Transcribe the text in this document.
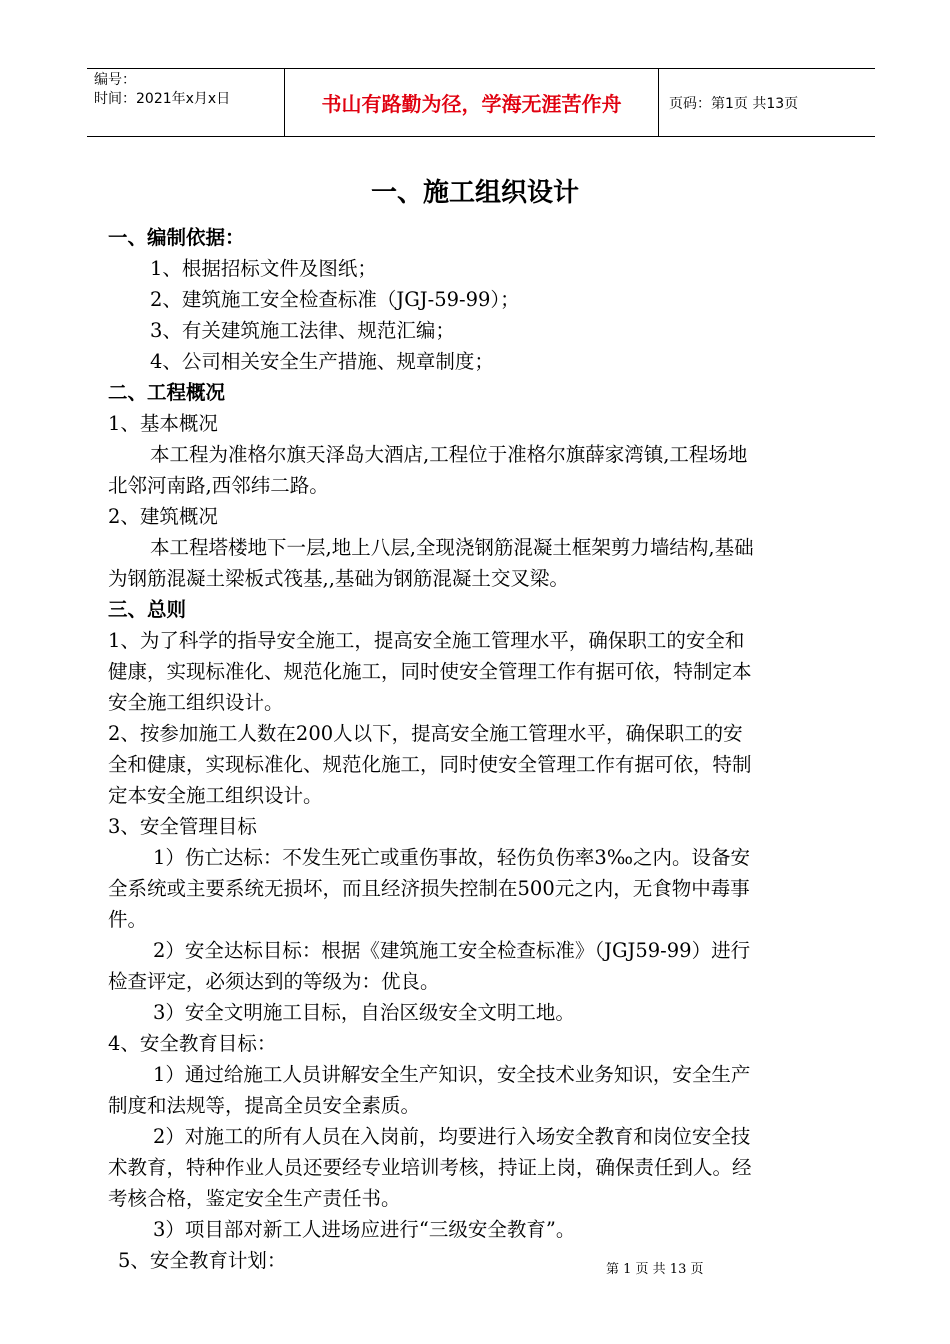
编号：
时间：2021年x月x日	书山有路勤为径，学海无涯苦作舟	页码：第1页 共13页
一、施工组织设计
一、编制依据：
1、根据招标文件及图纸；
2、建筑施工安全检查标准（JGJ-59-99）；
3、有关建筑施工法律、规范汇编；
4、公司相关安全生产措施、规章制度；
二、工程概况
1、基本概况
本工程为准格尔旗天泽岛大酒店,工程位于准格尔旗薛家湾镇,工程场地
北邻河南路,西邻纬二路。
2、建筑概况
本工程塔楼地下一层,地上八层,全现浇钢筋混凝土框架剪力墙结构,基础
为钢筋混凝土梁板式筏基,,基础为钢筋混凝土交叉梁。
三、总则
1、为了科学的指导安全施工，提高安全施工管理水平，确保职工的安全和
健康，实现标准化、规范化施工，同时使安全管理工作有据可依，特制定本
安全施工组织设计。
2、按参加施工人数在200人以下，提高安全施工管理水平，确保职工的安
全和健康，实现标准化、规范化施工，同时使安全管理工作有据可依，特制
定本安全施工组织设计。
3、安全管理目标
1）伤亡达标：不发生死亡或重伤事故，轻伤负伤率3‰之内。设备安
全系统或主要系统无损坏，而且经济损失控制在500元之内，无食物中毒事
件。
2）安全达标目标：根据《建筑施工安全检查标准》（JGJ59-99）进行
检查评定，必须达到的等级为：优良。
3）安全文明施工目标，自治区级安全文明工地。
4、安全教育目标：
1）通过给施工人员讲解安全生产知识，安全技术业务知识，安全生产
制度和法规等，提高全员安全素质。
2）对施工的所有人员在入岗前，均要进行入场安全教育和岗位安全技
术教育，特种作业人员还要经专业培训考核，持证上岗，确保责任到人。经
考核合格，鉴定安全生产责任书。
3）项目部对新工人进场应进行“三级安全教育”。
5、安全教育计划：	第 1 页 共 13 页
